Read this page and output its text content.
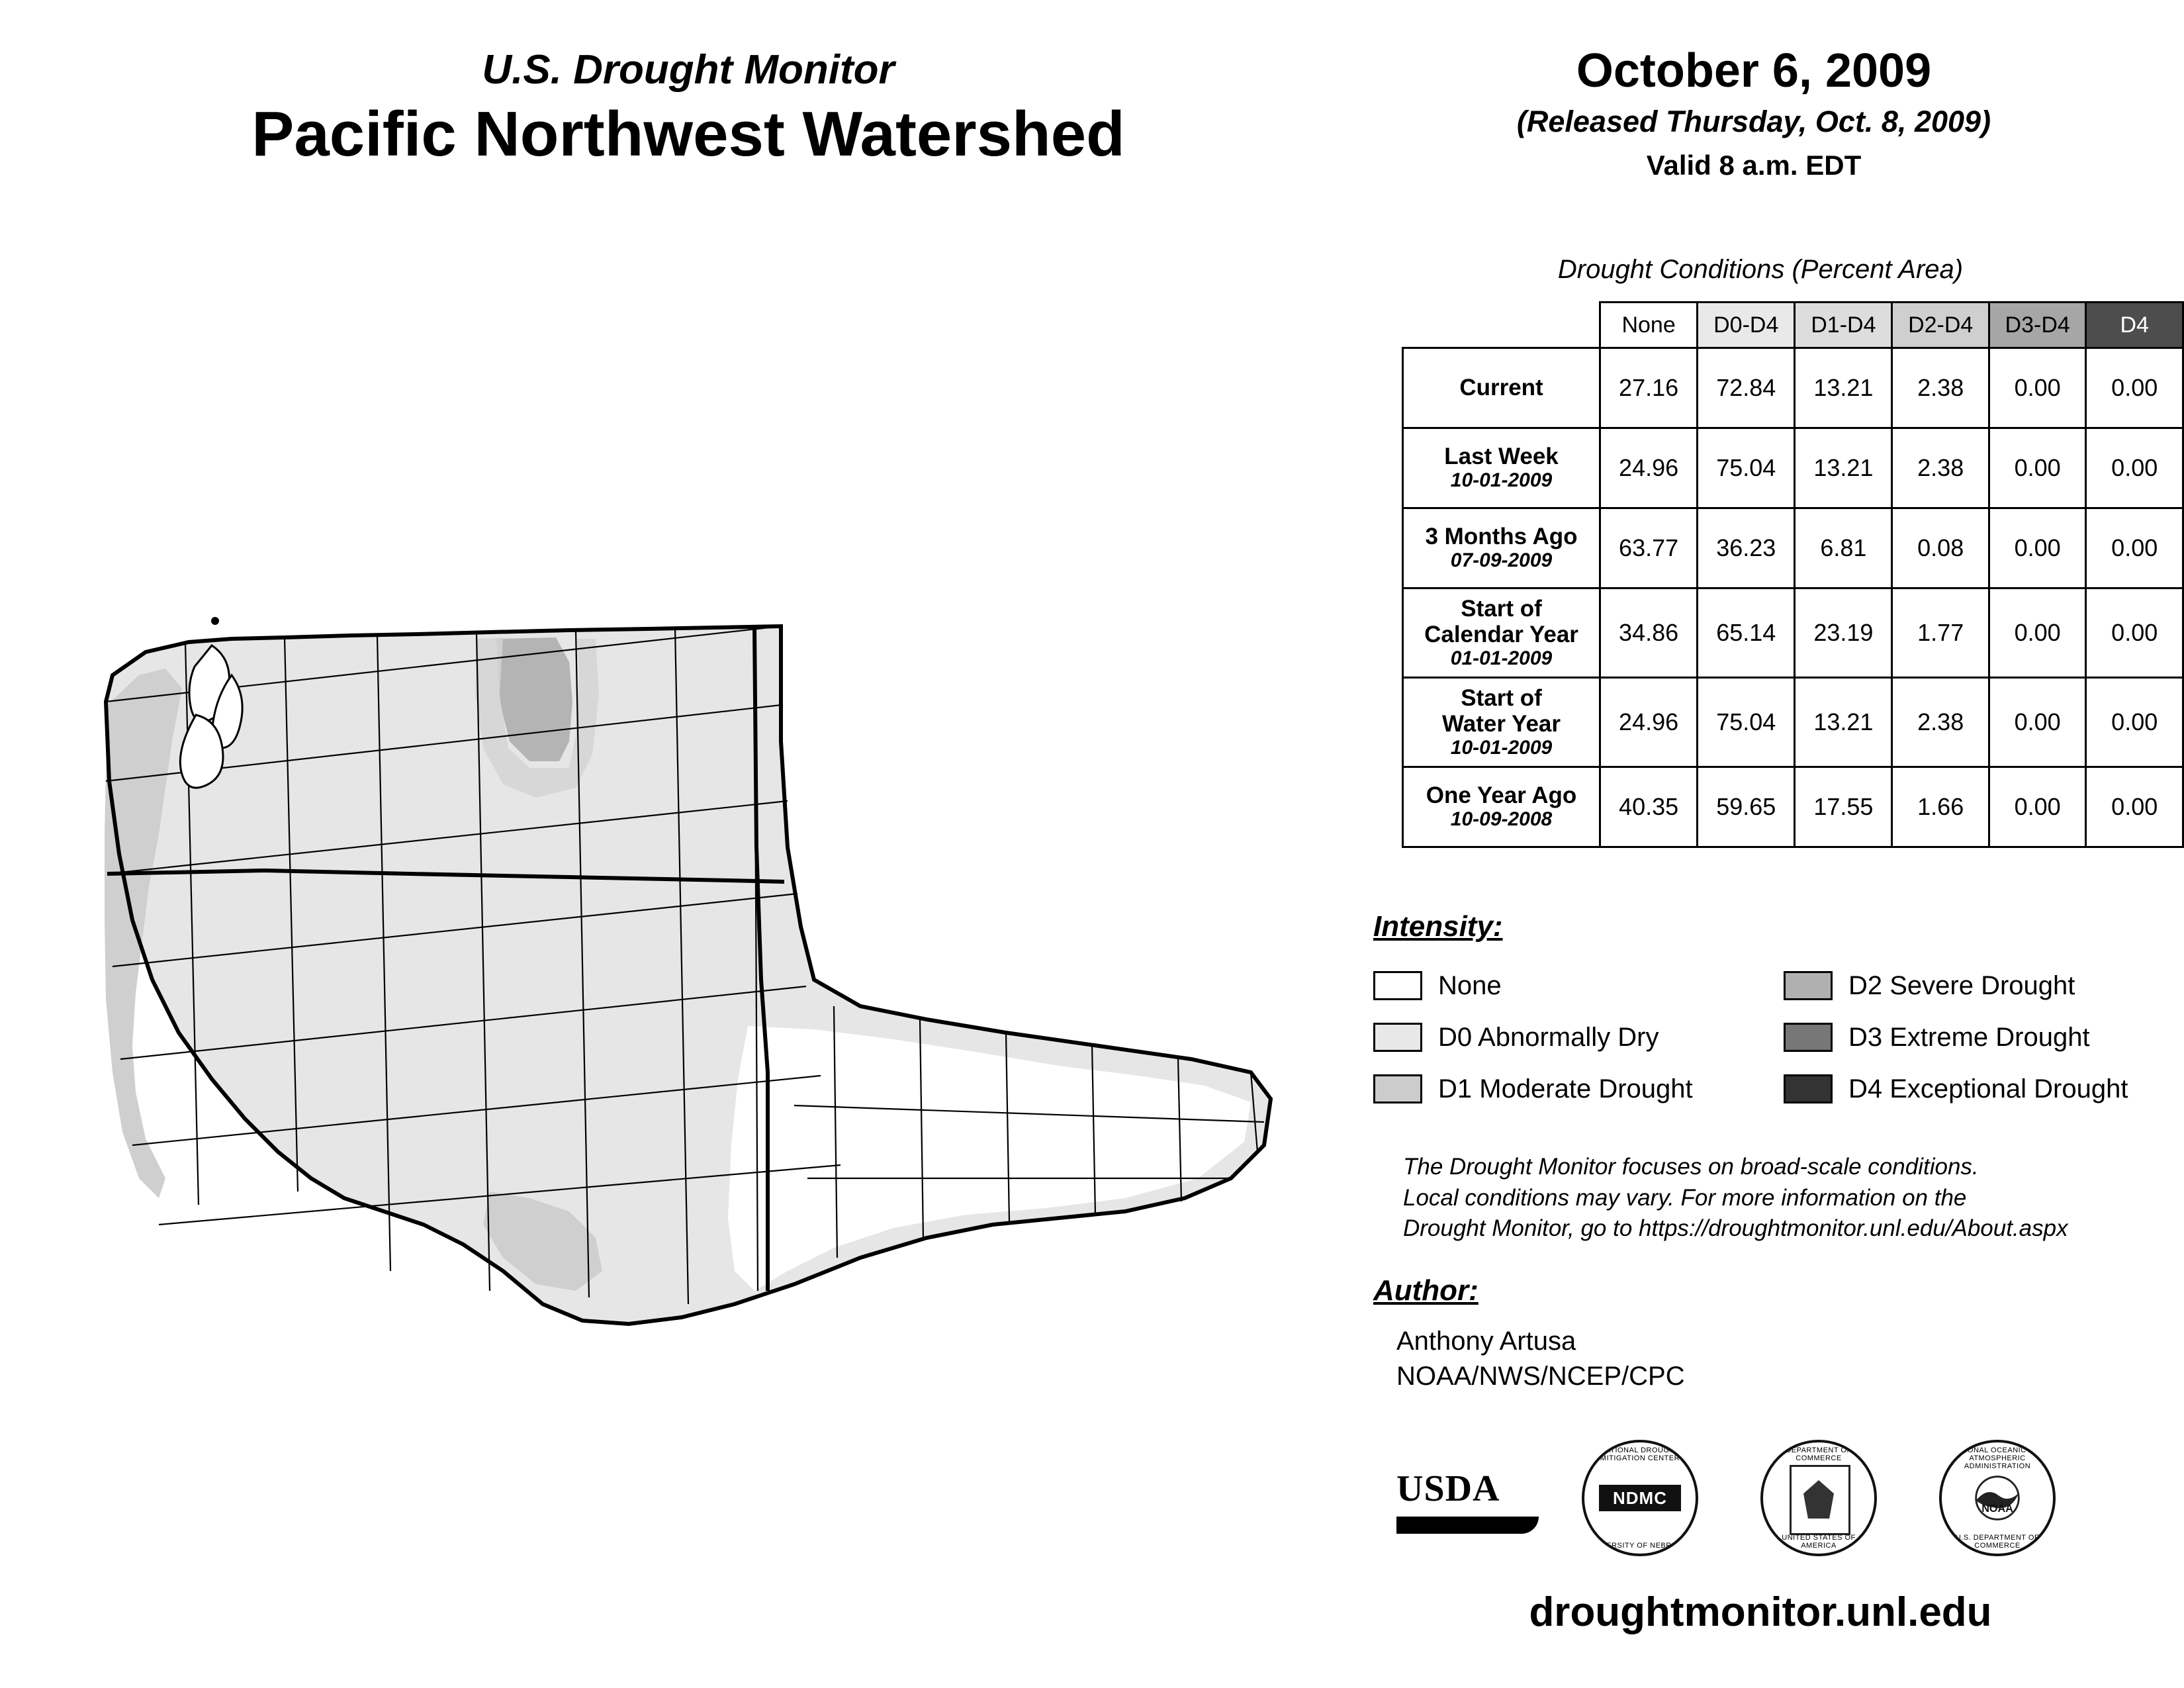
U.S. Drought Monitor
Pacific Northwest Watershed
October 6, 2009
(Released Thursday, Oct. 8, 2009)
Valid 8 a.m. EDT
Drought Conditions (Percent Area)
	None	D0-D4	D1-D4	D2-D4	D3-D4	D4

Current	27.16	72.84	13.21	2.38	0.00	0.00

Last Week
10-01-2009	24.96	75.04	13.21	2.38	0.00	0.00

3 Months Ago
07-09-2009	63.77	36.23	6.81	0.08	0.00	0.00

Start of
Calendar Year
01-01-2009	34.86	65.14	23.19	1.77	0.00	0.00

Start of
Water Year
10-01-2009	24.96	75.04	13.21	2.38	0.00	0.00

One Year Ago
10-09-2008	40.35	59.65	17.55	1.66	0.00	0.00
Intensity:
None
D0 Abnormally Dry
D1 Moderate Drought
D2 Severe Drought
D3 Extreme Drought
D4 Exceptional Drought
The Drought Monitor focuses on broad-scale conditions.
Local conditions may vary. For more information on the
Drought Monitor, go to https://droughtmonitor.unl.edu/About.aspx
Author:
Anthony Artusa
NOAA/NWS/NCEP/CPC
USDA
NATIONAL DROUGHT MITIGATION CENTER
NDMC
UNIVERSITY OF NEBRASKA
DEPARTMENT OF COMMERCE
UNITED STATES OF AMERICA
NATIONAL OCEANIC AND ATMOSPHERIC ADMINISTRATION
NOAA
U.S. DEPARTMENT OF COMMERCE
droughtmonitor.unl.edu
